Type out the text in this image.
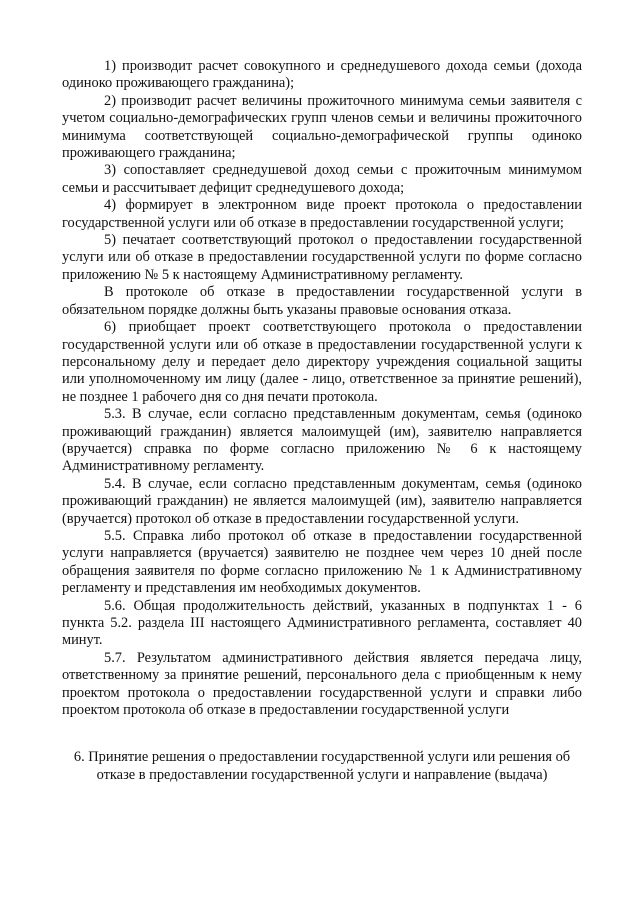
1) производит расчет совокупного и среднедушевого дохода семьи (дохода одиноко проживающего гражданина);

2) производит расчет величины прожиточного минимума семьи заявителя с учетом социально-демографических групп членов семьи и величины прожиточного минимума соответствующей социально-демографической группы одиноко проживающего гражданина;

3) сопоставляет среднедушевой доход семьи с прожиточным минимумом семьи и рассчитывает дефицит среднедушевого дохода;

4) формирует в электронном виде проект протокола о предоставлении государственной услуги или об отказе в предоставлении государственной услуги;

5) печатает соответствующий протокол о предоставлении государственной услуги или об отказе в предоставлении государственной услуги по форме согласно приложению № 5 к настоящему Административному регламенту.

В протоколе об отказе в предоставлении государственной услуги в обязательном порядке должны быть указаны правовые основания отказа.

6) приобщает проект соответствующего протокола о предоставлении государственной услуги или об отказе в предоставлении государственной услуги к персональному делу и передает дело директору учреждения социальной защиты или уполномоченному им лицу (далее - лицо, ответственное за принятие решений), не позднее 1 рабочего дня со дня печати протокола.

5.3. В случае, если согласно представленным документам, семья (одиноко проживающий гражданин) является малоимущей (им), заявителю направляется (вручается) справка по форме согласно приложению № 6 к настоящему Административному регламенту.

5.4. В случае, если согласно представленным документам, семья (одиноко проживающий гражданин) не является малоимущей (им), заявителю направляется (вручается) протокол об отказе в предоставлении государственной услуги.

5.5. Справка либо протокол об отказе в предоставлении государственной услуги направляется (вручается) заявителю не позднее чем через 10 дней после обращения заявителя по форме согласно приложению № 1 к Административному регламенту и представления им необходимых документов.

5.6. Общая продолжительность действий, указанных в подпунктах 1 - 6 пункта 5.2. раздела III настоящего Административного регламента, составляет 40 минут.

5.7. Результатом административного действия является передача лицу, ответственному за принятие решений, персонального дела с приобщенным к нему проектом протокола о предоставлении государственной услуги и справки либо проектом протокола об отказе в предоставлении государственной услуги

6. Принятие решения о предоставлении государственной услуги или решения об отказе в предоставлении государственной услуги и направление (выдача)
